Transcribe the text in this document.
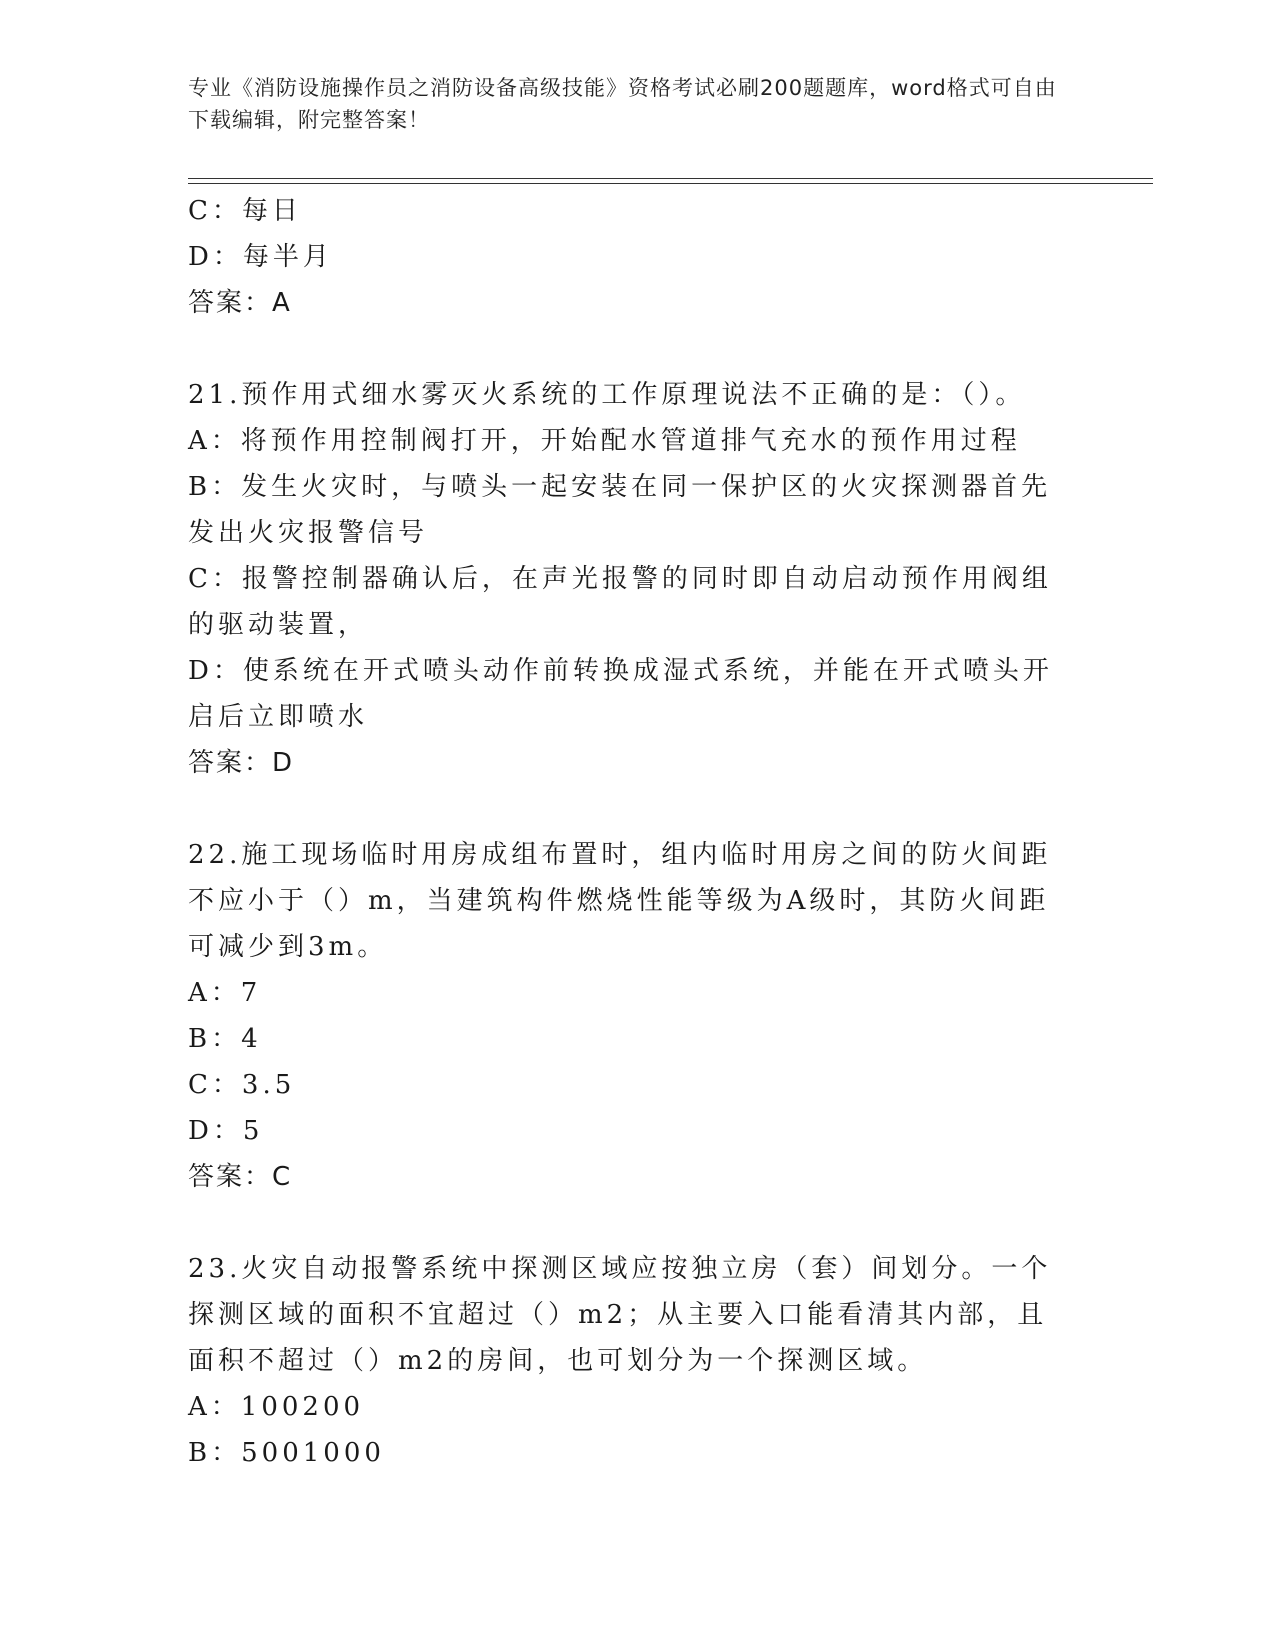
专业《消防设施操作员之消防设备高级技能》资格考试必刷200题题库，word格式可自由下载编辑，附完整答案！
C：每日
D：每半月
答案：A
21.预作用式细水雾灭火系统的工作原理说法不正确的是：（）。
A：将预作用控制阀打开，开始配水管道排气充水的预作用过程
B：发生火灾时，与喷头一起安装在同一保护区的火灾探测器首先发出火灾报警信号
C：报警控制器确认后，在声光报警的同时即自动启动预作用阀组的驱动装置，
D：使系统在开式喷头动作前转换成湿式系统，并能在开式喷头开启后立即喷水
答案：D
22.施工现场临时用房成组布置时，组内临时用房之间的防火间距不应小于（）m，当建筑构件燃烧性能等级为A级时，其防火间距可减少到3m。
A：7
B：4
C：3.5
D：5
答案：C
23.火灾自动报警系统中探测区域应按独立房（套）间划分。一个探测区域的面积不宜超过（）m2；从主要入口能看清其内部，且面积不超过（）m2的房间，也可划分为一个探测区域。
A：100200
B：5001000
